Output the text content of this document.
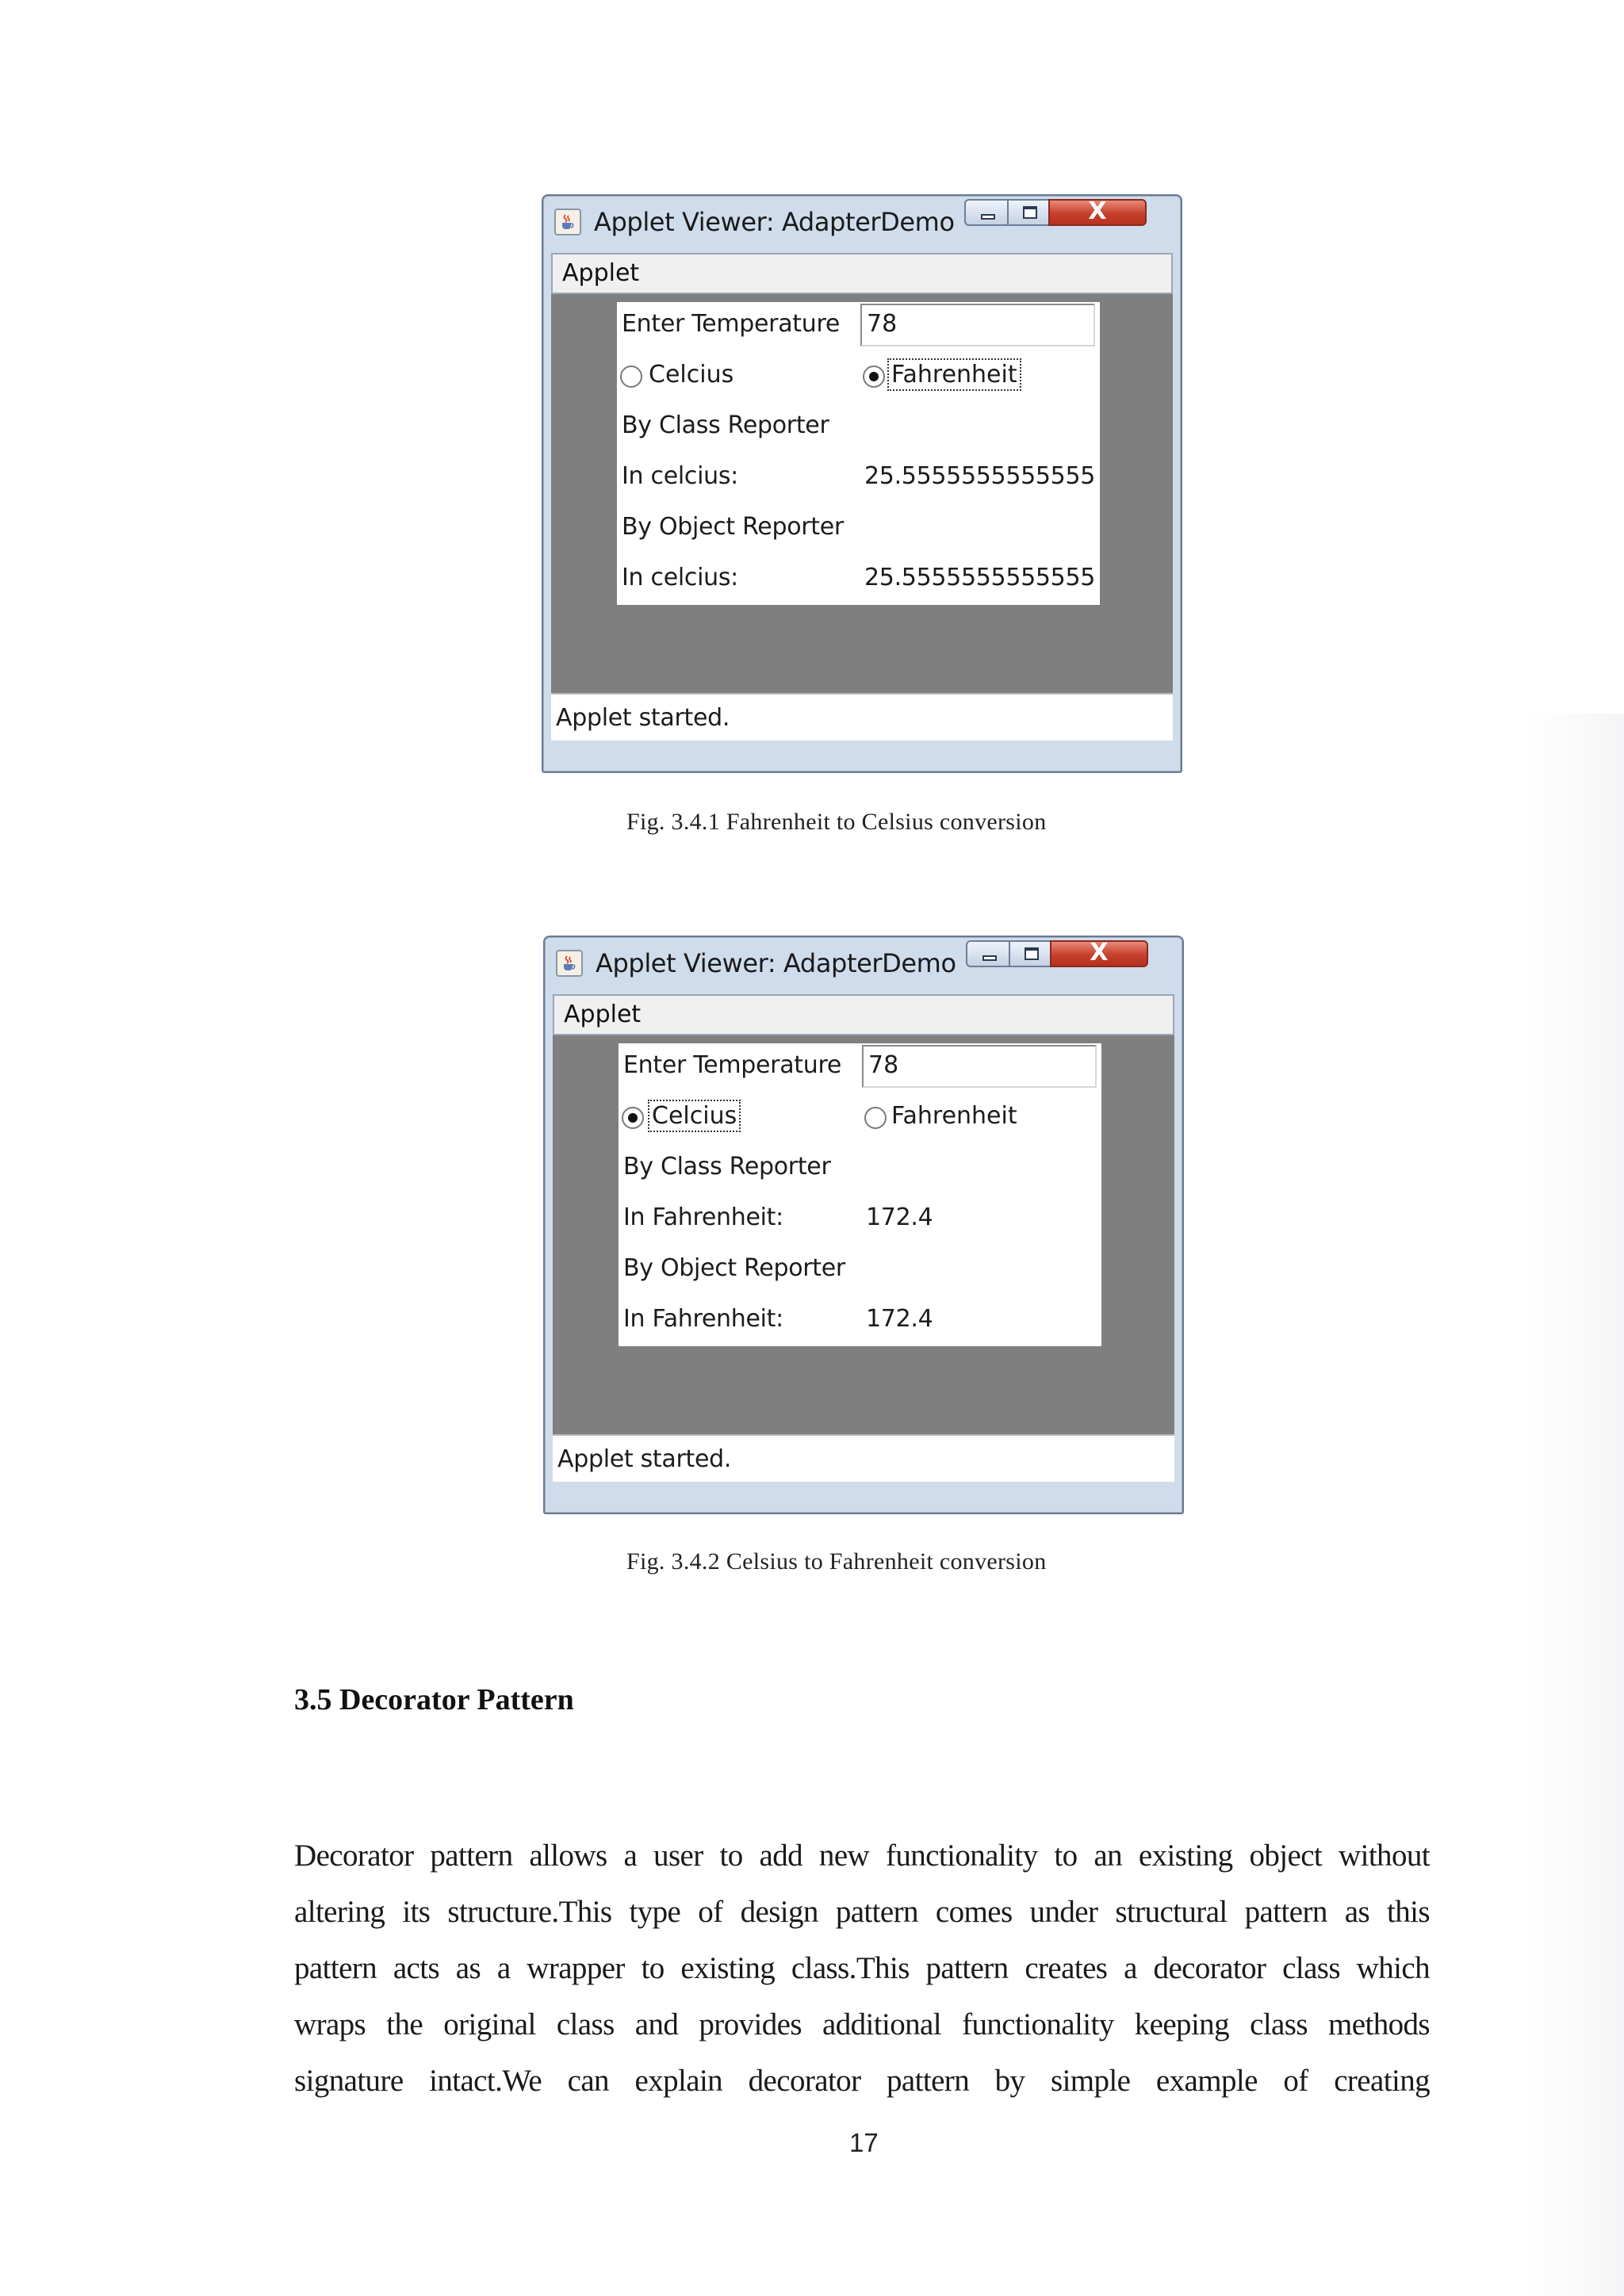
Applet Viewer: AdapterDemo	X
Applet
Enter Temperature 78
Celcius	Fahrenheit
By Class Reporter
In celcius:	25.5555555555555
By Object Reporter
In celcius:	25.5555555555555
Applet started.
Fig. 3.4.1 Fahrenheit to Celsius conversion
Applet Viewer: AdapterDemo	X
Applet
Enter Temperature 78
Celcius	Fahrenheit
By Class Reporter
In Fahrenheit:	172.4
By Object Reporter
In Fahrenheit:	172.4
Applet started.
Fig. 3.4.2 Celsius to Fahrenheit conversion
3.5 Decorator Pattern
Decorator pattern allows a user to add new functionality to an existing object without
altering its structure.This type of design pattern comes under structural pattern as this
pattern acts as a wrapper to existing class.This pattern creates a decorator class which
wraps the original class and provides additional functionality keeping class methods
signature intact.We can explain decorator pattern by simple example of creating
17
